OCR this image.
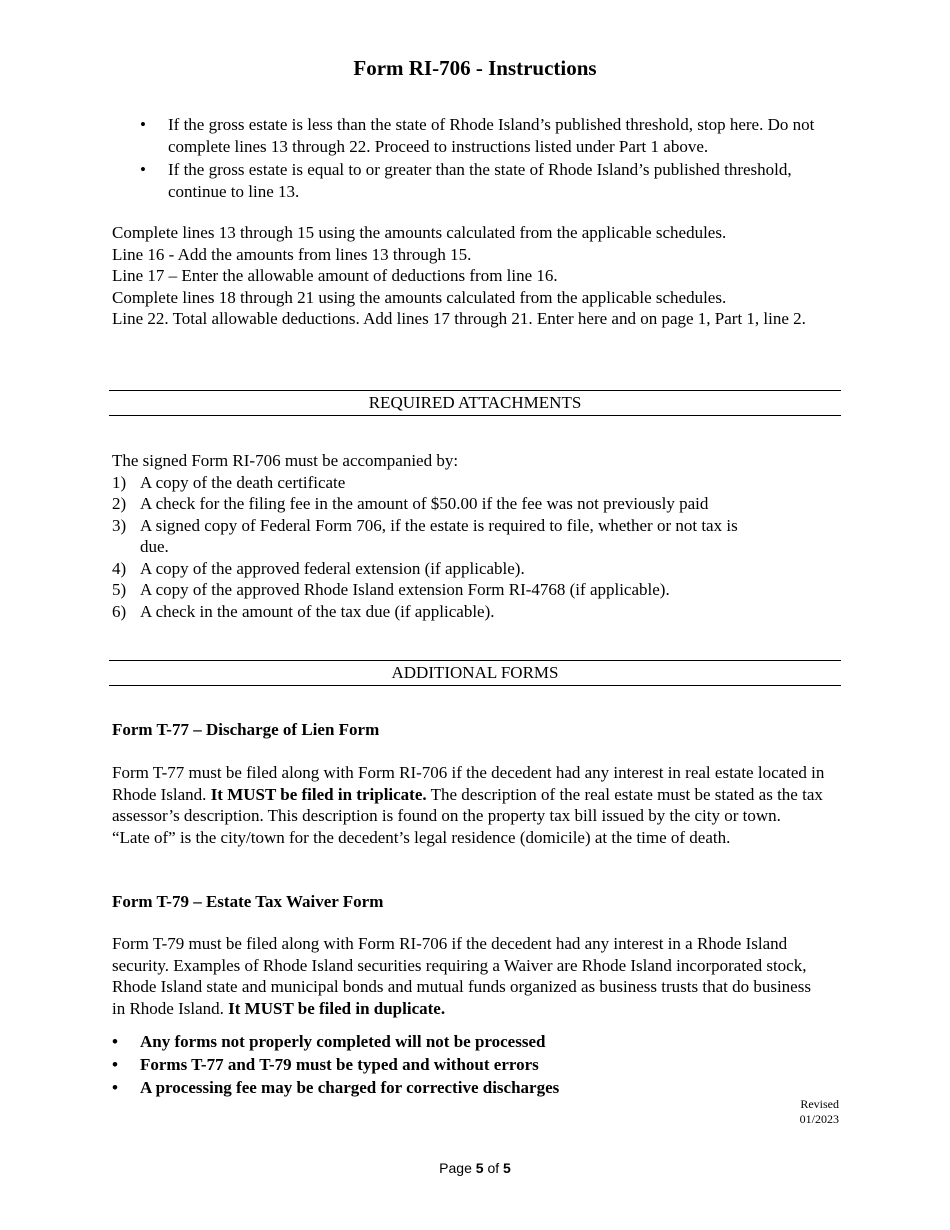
Form RI-706 - Instructions
• If the gross estate is less than the state of Rhode Island’s published threshold, stop here. Do not complete lines 13 through 22. Proceed to instructions listed under Part 1 above.
• If the gross estate is equal to or greater than the state of Rhode Island’s published threshold, continue to line 13.
Complete lines 13 through 15 using the amounts calculated from the applicable schedules.
Line 16 - Add the amounts from lines 13 through 15.
Line 17 – Enter the allowable amount of deductions from line 16.
Complete lines 18 through 21 using the amounts calculated from the applicable schedules.
Line 22. Total allowable deductions. Add lines 17 through 21. Enter here and on page 1, Part 1, line 2.
REQUIRED ATTACHMENTS
The signed Form RI-706 must be accompanied by:
1) A copy of the death certificate
2) A check for the filing fee in the amount of $50.00 if the fee was not previously paid
3) A signed copy of Federal Form 706, if the estate is required to file, whether or not tax is due.
4) A copy of the approved federal extension (if applicable).
5) A copy of the approved Rhode Island extension Form RI-4768 (if applicable).
6) A check in the amount of the tax due (if applicable).
ADDITIONAL FORMS
Form T-77 – Discharge of Lien Form
Form T-77 must be filed along with Form RI-706 if the decedent had any interest in real estate located in Rhode Island. It MUST be filed in triplicate. The description of the real estate must be stated as the tax assessor’s description. This description is found on the property tax bill issued by the city or town.
“Late of” is the city/town for the decedent’s legal residence (domicile) at the time of death.
Form T-79 – Estate Tax Waiver Form
Form T-79 must be filed along with Form RI-706 if the decedent had any interest in a Rhode Island security. Examples of Rhode Island securities requiring a Waiver are Rhode Island incorporated stock, Rhode Island state and municipal bonds and mutual funds organized as business trusts that do business in Rhode Island. It MUST be filed in duplicate.
• Any forms not properly completed will not be processed
• Forms T-77 and T-79 must be typed and without errors
• A processing fee may be charged for corrective discharges
Revised
01/2023
Page 5 of 5
